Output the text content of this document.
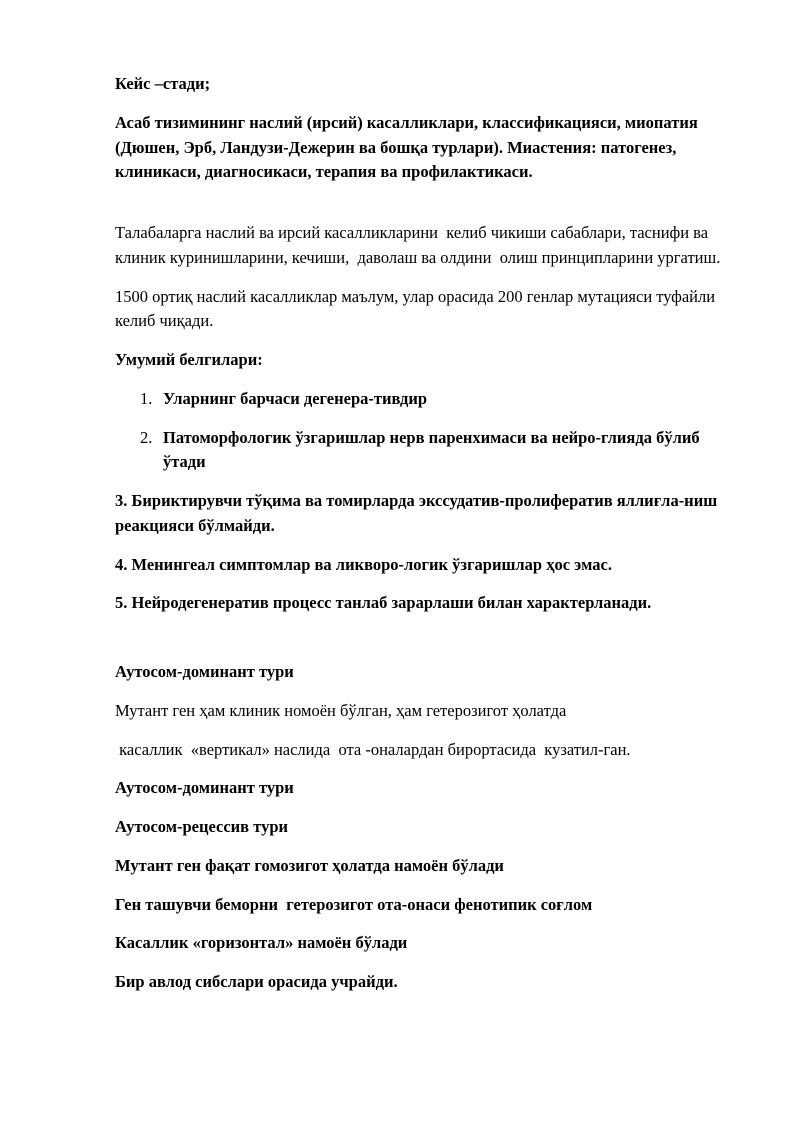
Кейс –стади;

Асаб тизимининг наслий (ирсий) касалликлари, классификацияси, миопатия (Дюшен, Эрб, Ландузи-Дежерин ва бошқа турлари). Миастения: патогенез, клиникаси, диагносикаси, терапия ва профилактикаси.

Талабаларга наслий ва ирсий касалликларини  келиб чикиши сабаблари, таснифи ва клиник куринишларини, кечиши,  даволаш ва олдини  олиш принципларини ургатиш.

1500 ортиқ наслий касалликлар маълум, улар орасида 200 генлар мутацияси туфайли келиб чиқади.

Умумий белгилари:

1. Уларнинг барчаси дегенера-тивдир
2. Патоморфологик ўзгаришлар нерв паренхимаси ва нейро-глияда бўлиб ўтади

3. Бириктирувчи тўқима ва томирларда экссудатив-пролифератив яллиғла-ниш реакцияси бўлмайди.

4. Менингеал симптомлар ва ликворо-логик ўзгаришлар ҳос эмас.

5. Нейродегенератив процесс танлаб зарарлаши билан характерланади.

Аутосом-доминант тури

Мутант ген ҳам клиник номоён бўлган, ҳам гетерозигот ҳолатда

касаллик  «вертикал» наслида  ота -оналардан бирортасида  кузатил-ган.

Аутосом-доминант тури

Аутосом-рецессив тури

Мутант ген фақат гомозигот ҳолатда намоён бўлади

Ген ташувчи беморни  гетерозигот ота-онаси фенотипик соғлом

Касаллик «горизонтал» намоён бўлади

Бир авлод сибслари орасида учрайди.
